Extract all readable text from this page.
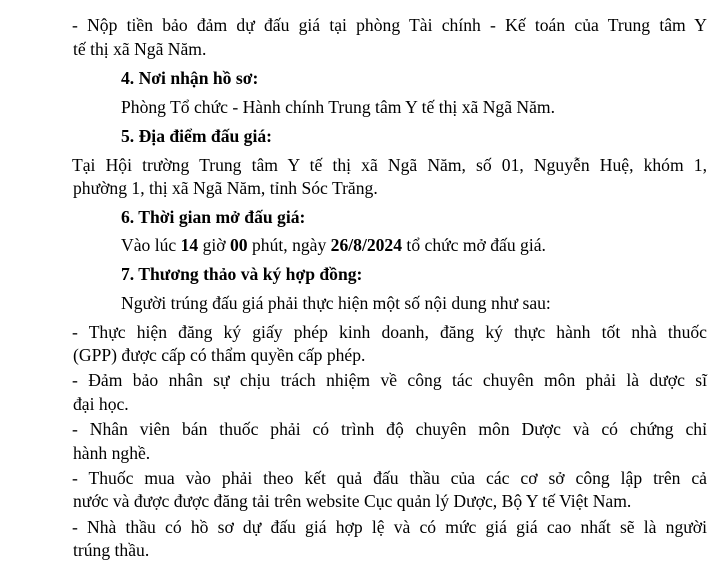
- Nộp tiền bảo đảm dự đấu giá tại phòng Tài chính - Kế toán của Trung tâm Y
tế thị xã Ngã Năm.
4. Nơi nhận hồ sơ:
Phòng Tổ chức - Hành chính Trung tâm Y tế thị xã Ngã Năm.
5. Địa điểm đấu giá:
Tại Hội trường Trung tâm Y tế thị xã Ngã Năm, số 01, Nguyễn Huệ, khóm 1,
phường 1, thị xã Ngã Năm, tỉnh Sóc Trăng.
6. Thời gian mở đấu giá:
Vào lúc 14 giờ 00 phút, ngày 26/8/2024 tổ chức mở đấu giá.
7. Thương thảo và ký hợp đồng:
Người trúng đấu giá phải thực hiện một số nội dung như sau:
- Thực hiện đăng ký giấy phép kinh doanh, đăng ký thực hành tốt nhà thuốc
(GPP) được cấp có thẩm quyền cấp phép.
- Đảm bảo nhân sự chịu trách nhiệm về công tác chuyên môn phải là dược sĩ
đại học.
- Nhân viên bán thuốc phải có trình độ chuyên môn Dược và có chứng chỉ
hành nghề.
- Thuốc mua vào phải theo kết quả đấu thầu của các cơ sở công lập trên cả
nước và được được đăng tải trên website Cục quản lý Dược, Bộ Y tế Việt Nam.
- Nhà thầu có hồ sơ dự đấu giá hợp lệ và có mức giá giá cao nhất sẽ là người
trúng thầu.
